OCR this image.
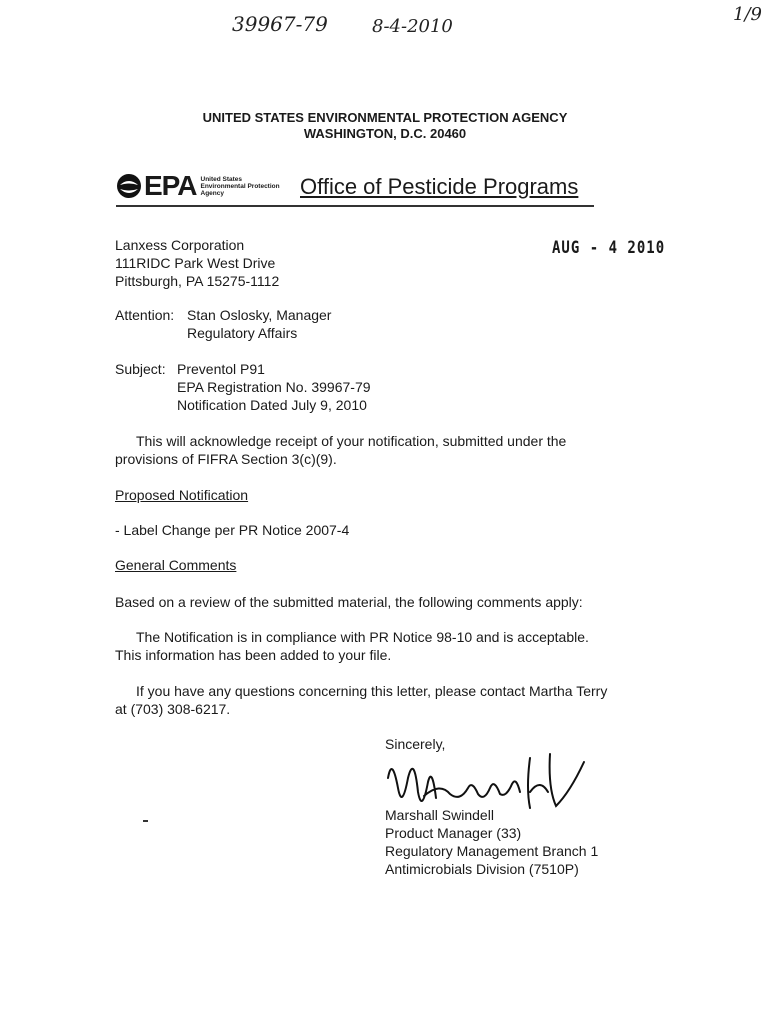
39967-79 8-4-2010
1/9
UNITED STATES ENVIRONMENTAL PROTECTION AGENCY
WASHINGTON, D.C. 20460
EPA United States
Environmental Protection
Agency	Office of Pesticide Programs
Lanxess Corporation
111RIDC Park West Drive
Pittsburgh, PA 15275-1112
AUG - 4 2010
Attention: Stan Oslosky, Manager
Regulatory Affairs
Subject: Preventol P91
EPA Registration No. 39967-79
Notification Dated July 9, 2010
This will acknowledge receipt of your notification, submitted under the
provisions of FIFRA Section 3(c)(9).
Proposed Notification
- Label Change per PR Notice 2007-4
General Comments
Based on a review of the submitted material, the following comments apply:
The Notification is in compliance with PR Notice 98-10 and is acceptable.
This information has been added to your file.
If you have any questions concerning this letter, please contact Martha Terry
at (703) 308-6217.
Sincerely,
Marshall Swindell
Product Manager (33)
Regulatory Management Branch 1
Antimicrobials Division (7510P)
